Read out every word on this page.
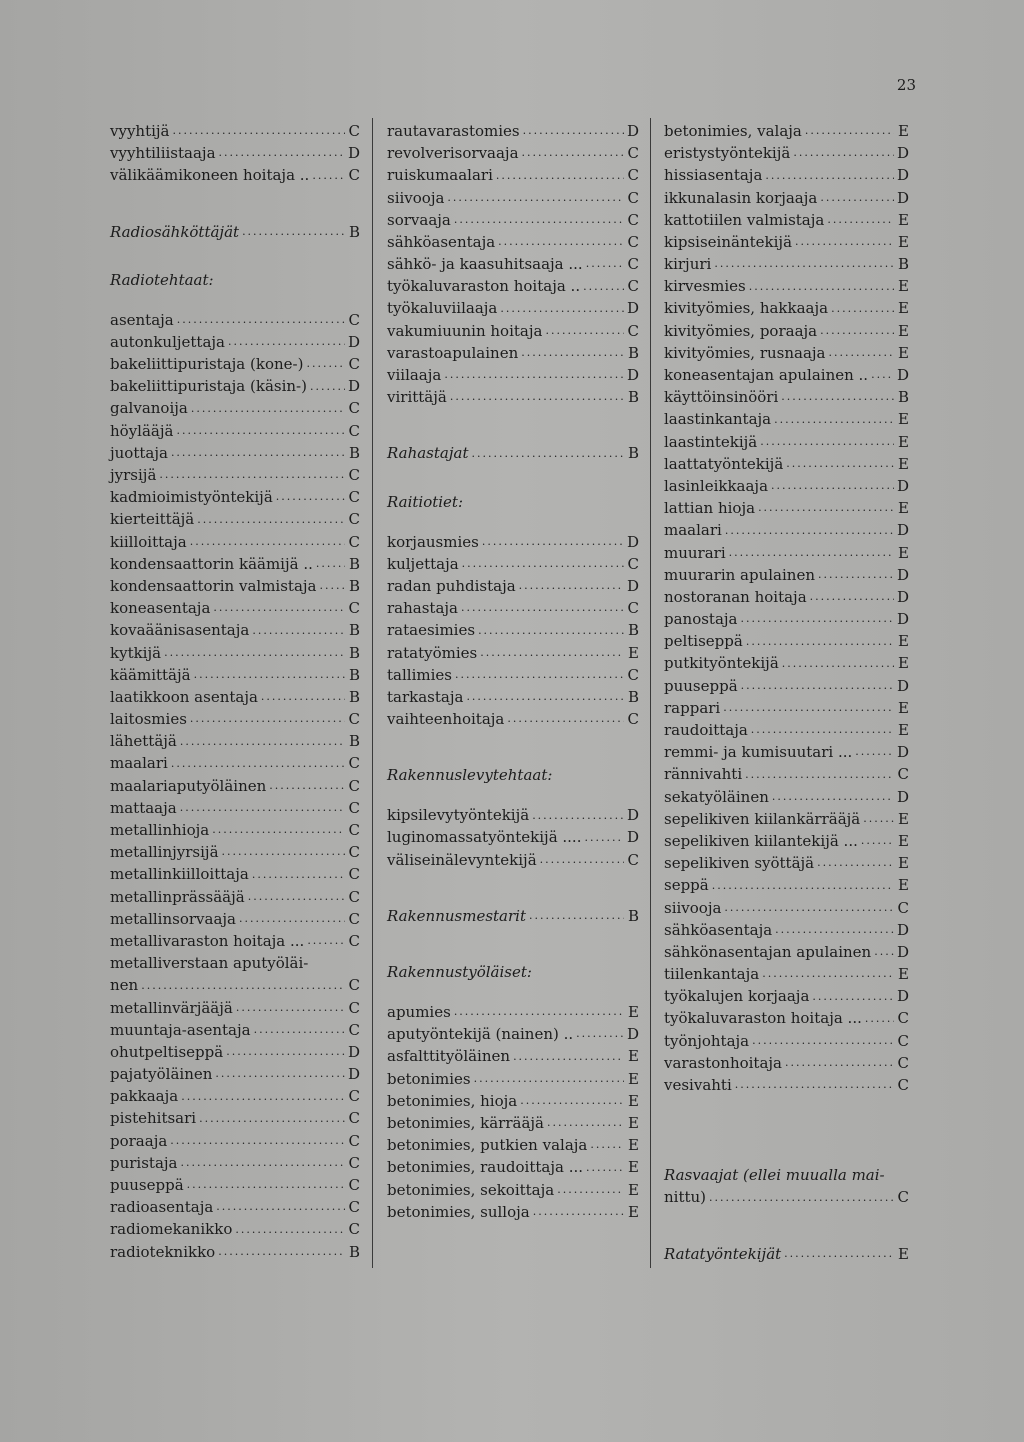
23
vyyhtijä .....	C
vyyhtiliistaaja .....	D
välikäämikoneen hoitaja .. .....	C
Radiosähköttäjät .....	B
Radiotehtaat:
asentaja .....	C
autonkuljettaja .....	D
bakeliittipuristaja (kone-) .....	C
bakeliittipuristaja (käsin-) .....	D
galvanoija .....	C
höylääjä .....	C
juottaja .....	B
jyrsijä .....	C
kadmioimistyöntekijä .....	C
kierteittäjä .....	C
kiilloittaja .....	C
kondensaattorin käämijä .. ..... B
kondensaattorin valmistaja ..... B
koneasentaja .....	C
kovaäänisasentaja .....	B
kytkijä .....	B
käämittäjä .....	B
laatikkoon asentaja .....	B
laitosmies .....	C
lähettäjä .....	B
maalari .....	C
maalariaputyöläinen .....	C
mattaaja .....	C
metallinhioja .....	C
metallinjyrsijä .....	C
metallinkiilloittaja .....	C
metallinprässääjä .....	C
metallinsorvaaja .....	C
metallivaraston hoitaja ... .....	C
metalliverstaan aputyöläi-
nen .....	C
metallinvärjääjä .....	C
muuntaja-asentaja .....	C
ohutpeltiseppä .....	D
pajatyöläinen .....	D
pakkaaja .....	C
pistehitsari .....	C
poraaja .....	C
puristaja .....	C
puuseppä .....	C
radioasentaja .....	C
radiomekanikko .....	C
radioteknikko .....	B
rautavarastomies .....	D
revolverisorvaaja .....	C
ruiskumaalari .....	C
siivooja .....	C
sorvaaja .....	C
sähköasentaja .....	C
sähkö- ja kaasuhitsaaja ... .....	C
työkaluvaraston hoitaja .. .....	C
työkaluviilaaja .....	D
vakumiuunin hoitaja .....	C
varastoapulainen .....	B
viilaaja .....	D
virittäjä .....	B
Rahastajat .....	B
Raitiotiet:
korjausmies .....	D
kuljettaja .....	C
radan puhdistaja .....	D
rahastaja .....	C
rataesimies .....	B
ratatyömies .....	E
tallimies .....	C
tarkastaja .....	B
vaihteenhoitaja .....	C
Rakennuslevytehtaat:
kipsilevytyöntekijä .....	D
luginomassatyöntekijä .... .....	D
väliseinälevyntekijä .....	C
Rakennusmestarit .....	B
Rakennustyöläiset:
apumies .....	E
aputyöntekijä (nainen) .. .....	D
asfalttityöläinen .....	E
betonimies .....	E
betonimies, hioja .....	E
betonimies, kärrääjä .....	E
betonimies, putkien valaja .....	E
betonimies, raudoittaja ... .....	E
betonimies, sekoittaja .....	E
betonimies, sulloja .....	E
betonimies, valaja .....	E
eristystyöntekijä .....	D
hissiasentaja .....	D
ikkunalasin korjaaja .....	D
kattotiilen valmistaja .....	E
kipsiseinäntekijä .....	E
kirjuri .....	B
kirvesmies .....	E
kivityömies, hakkaaja .....	E
kivityömies, poraaja .....	E
kivityömies, rusnaaja .....	E
koneasentajan apulainen .. ..... D
käyttöinsinööri .....	B
laastinkantaja .....	E
laastintekijä .....	E
laattatyöntekijä .....	E
lasinleikkaaja .....	D
lattian hioja .....	E
maalari .....	D
muurari .....	E
muurarin apulainen .....	D
nostoranan hoitaja .....	D
panostaja .....	D
peltiseppä .....	E
putkityöntekijä .....	E
puuseppä .....	D
rappari .....	E
raudoittaja .....	E
remmi- ja kumisuutari ... .....	D
rännivahti .....	C
sekatyöläinen .....	D
sepelikiven kiilankärrääjä .....	E
sepelikiven kiilantekijä ... .....	E
sepelikiven syöttäjä .....	E
seppä .....	E
siivooja .....	C
sähköasentaja .....	D
sähkönasentajan apulainen ..... D
tiilenkantaja .....	E
työkalujen korjaaja .....	D
työkaluvaraston hoitaja ... ..... C
työnjohtaja .....	C
varastonhoitaja .....	C
vesivahti .....	C
Rasvaajat (ellei muualla mai-
nittu) .....	C
Ratatyöntekijät .....	E
